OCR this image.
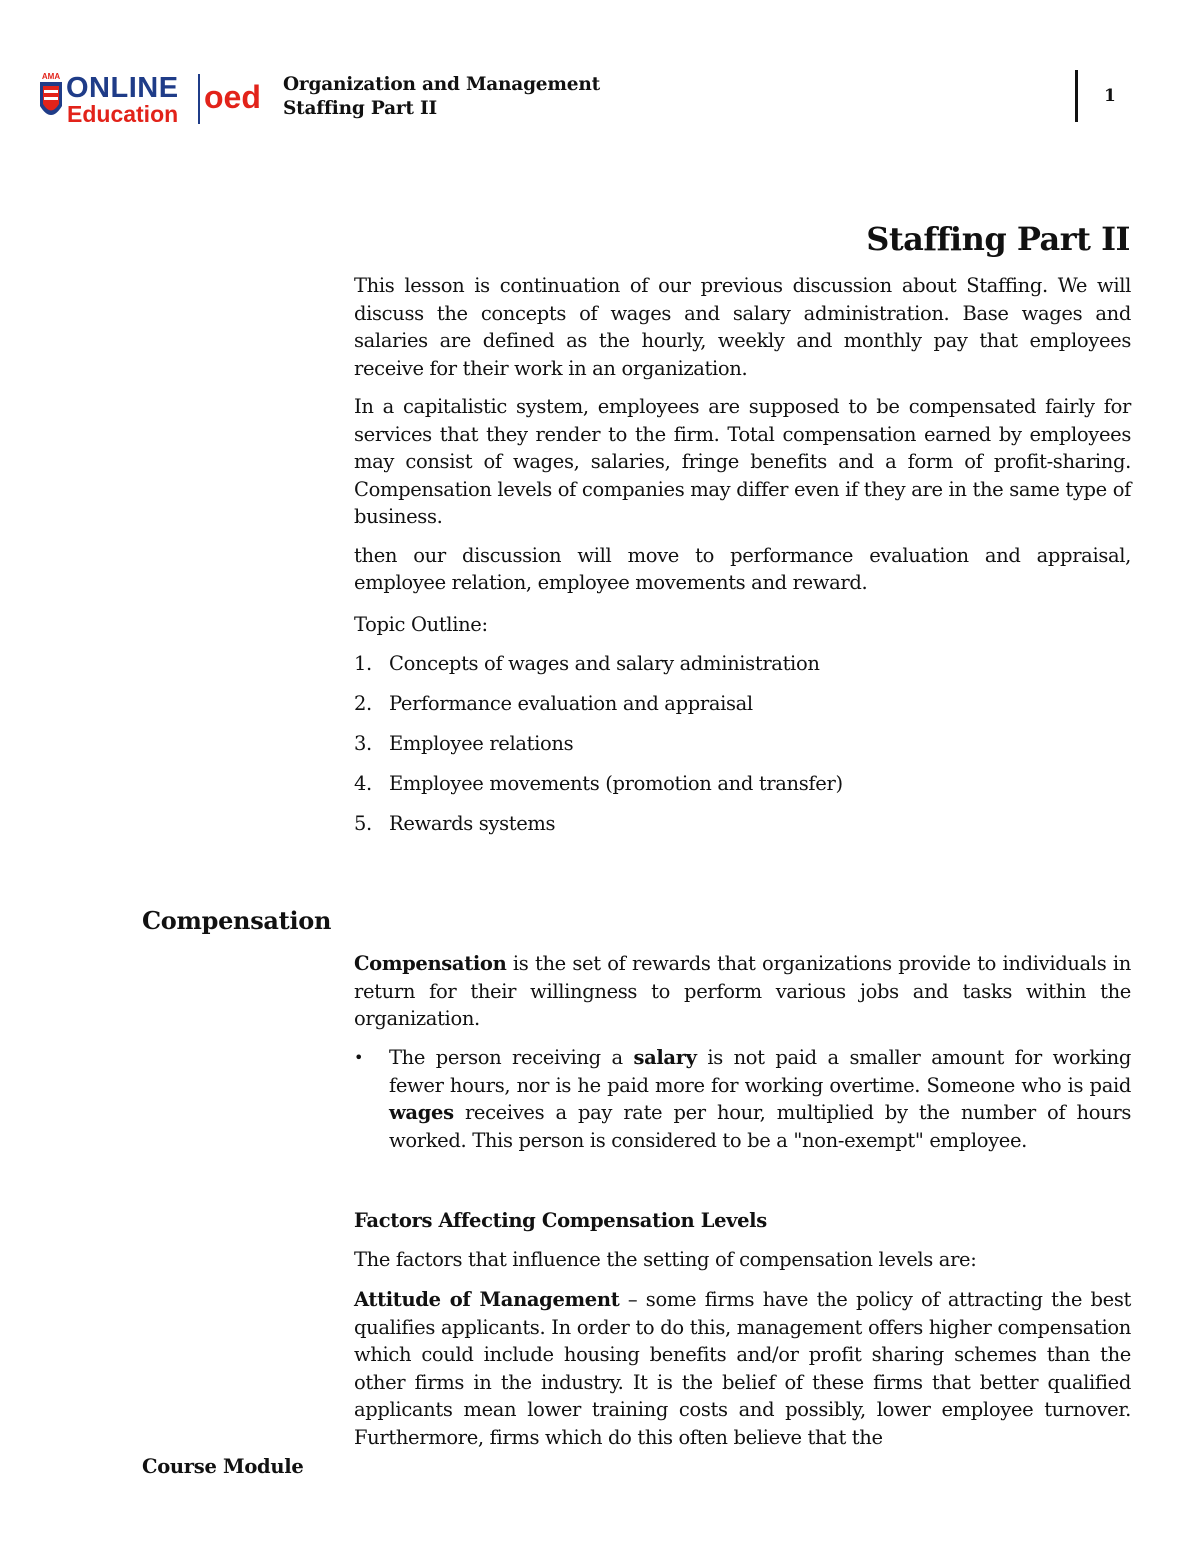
AMA ONLINE
Education oed Organization and Management
Staffing Part II
1
Staffing Part II

This lesson is continuation of our previous discussion about Staffing. We will discuss the concepts of wages and salary administration. Base wages and salaries are defined as the hourly, weekly and monthly pay that employees receive for their work in an organization.

In a capitalistic system, employees are supposed to be compensated fairly for services that they render to the firm. Total compensation earned by employees may consist of wages, salaries, fringe benefits and a form of profit-sharing. Compensation levels of companies may differ even if they are in the same type of business.

then our discussion will move to performance evaluation and appraisal, employee relation, employee movements and reward.

Topic Outline:

1. Concepts of wages and salary administration
2. Performance evaluation and appraisal
3. Employee relations
4. Employee movements (promotion and transfer)
5. Rewards systems
Compensation

Compensation is the set of rewards that organizations provide to individuals in return for their willingness to perform various jobs and tasks within the organization.

•	The person receiving a salary is not paid a smaller amount for working fewer hours, nor is he paid more for working overtime. Someone who is paid wages receives a pay rate per hour, multiplied by the number of hours worked. This person is considered to be a "non-exempt" employee.

Factors Affecting Compensation Levels

The factors that influence the setting of compensation levels are:

Attitude of Management – some firms have the policy of attracting the best qualifies applicants. In order to do this, management offers higher compensation which could include housing benefits and/or profit sharing schemes than the other firms in the industry. It is the belief of these firms that better qualified applicants mean lower training costs and possibly, lower employee turnover. Furthermore, firms which do this often believe that the

Course Module
